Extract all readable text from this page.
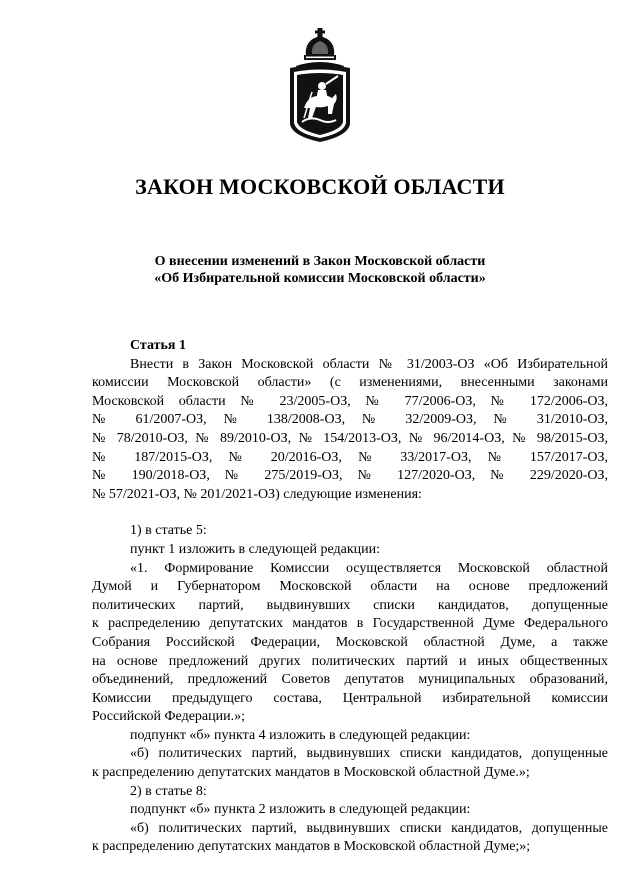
ЗАКОН МОСКОВСКОЙ ОБЛАСТИ
О внесении изменений в Закон Московской области
«Об Избирательной комиссии Московской области»

Статья 1

Внести в Закон Московской области № 31/2003-ОЗ «Об Избирательной

комиссии Московской области» (с изменениями, внесенными законами

Московской области № 23/2005-ОЗ, № 77/2006-ОЗ, № 172/2006-ОЗ,

№ 61/2007-ОЗ, № 138/2008-ОЗ, № 32/2009-ОЗ, № 31/2010-ОЗ,

№ 78/2010-ОЗ, № 89/2010-ОЗ, № 154/2013-ОЗ, № 96/2014-ОЗ, № 98/2015-ОЗ,

№ 187/2015-ОЗ, № 20/2016-ОЗ, № 33/2017-ОЗ, № 157/2017-ОЗ,

№ 190/2018-ОЗ, № 275/2019-ОЗ, № 127/2020-ОЗ, № 229/2020-ОЗ,

№ 57/2021-ОЗ, № 201/2021-ОЗ) следующие изменения:

1) в статье 5:

пункт 1 изложить в следующей редакции:

«1. Формирование Комиссии осуществляется Московской областной

Думой и Губернатором Московской области на основе предложений

политических партий, выдвинувших списки кандидатов, допущенные

к распределению депутатских мандатов в Государственной Думе Федерального

Собрания Российской Федерации, Московской областной Думе, а также

на основе предложений других политических партий и иных общественных

объединений, предложений Советов депутатов муниципальных образований,

Комиссии предыдущего состава, Центральной избирательной комиссии

Российской Федерации.»;

подпункт «б» пункта 4 изложить в следующей редакции:

«б) политических партий, выдвинувших списки кандидатов, допущенные

к распределению депутатских мандатов в Московской областной Думе.»;

2) в статье 8:

подпункт «б» пункта 2 изложить в следующей редакции:

«б) политических партий, выдвинувших списки кандидатов, допущенные

к распределению депутатских мандатов в Московской областной Думе;»;
